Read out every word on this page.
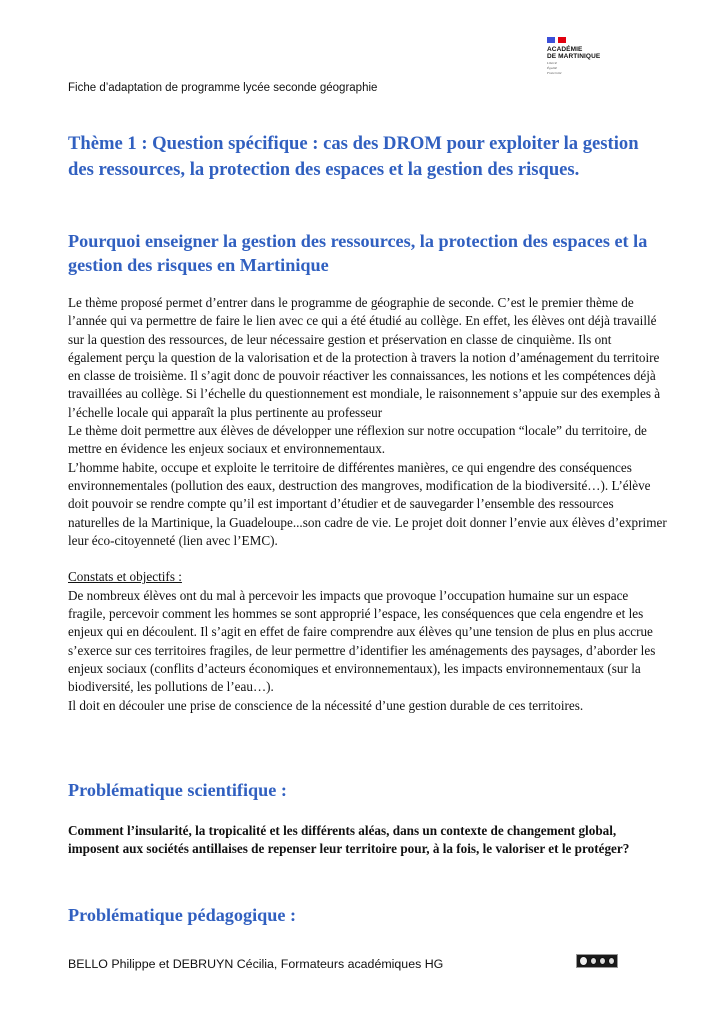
ACADÉMIE
DE MARTINIQUE
Liberté
Égalité
Fraternité
Fiche d’adaptation de programme lycée seconde géographie
Thème 1 : Question spécifique : cas des DROM pour exploiter la gestion des ressources, la protection des espaces et la gestion des risques.
Pourquoi enseigner la gestion des ressources, la protection des espaces et la gestion des risques en Martinique

Le thème proposé permet d’entrer dans le programme de géographie de seconde. C’est le premier thème de l’année qui va permettre de faire le lien avec ce qui a été étudié au collège. En effet, les élèves ont déjà travaillé sur la question des ressources, de leur nécessaire gestion et préservation en classe de cinquième. Ils ont également perçu la question de la valorisation et de la protection à travers la notion d’aménagement du territoire en classe de troisième. Il s’agit donc de pouvoir réactiver les connaissances, les notions et les compétences déjà travaillées au collège. Si l’échelle du questionnement est mondiale, le raisonnement s’appuie sur des exemples à l’échelle locale qui apparaît la plus pertinente au professeur

Le thème doit permettre aux élèves de développer une réflexion sur notre occupation “locale” du territoire, de mettre en évidence les enjeux sociaux et environnementaux.

L’homme habite, occupe et exploite le territoire de différentes manières, ce qui engendre des conséquences environnementales (pollution des eaux, destruction des mangroves, modification de la biodiversité…). L’élève doit pouvoir se rendre compte qu’il est important d’étudier et de sauvegarder l’ensemble des ressources naturelles de la Martinique, la Guadeloupe...son cadre de vie. Le projet doit donner l’envie aux élèves d’exprimer leur éco-citoyenneté (lien avec l’EMC).

Constats et objectifs :

De nombreux élèves ont du mal à percevoir les impacts que provoque l’occupation humaine sur un espace fragile, percevoir comment les hommes se sont approprié l’espace, les conséquences que cela engendre et les enjeux qui en découlent. Il s’agit en effet de faire comprendre aux élèves qu’une tension de plus en plus accrue s’exerce sur ces territoires fragiles, de leur permettre d’identifier les aménagements des paysages, d’aborder les enjeux sociaux (conflits d’acteurs économiques et environnementaux), les impacts environnementaux (sur la biodiversité, les pollutions de l’eau…).

Il doit en découler une prise de conscience de la nécessité d’une gestion durable de ces territoires.

Problématique scientifique :
Comment l’insularité, la tropicalité et les différents aléas, dans un contexte de changement global, imposent aux sociétés antillaises de repenser leur territoire pour, à la fois, le valoriser et le protéger?
Problématique pédagogique :
BELLO Philippe et DEBRUYN Cécilia, Formateurs académiques HG
